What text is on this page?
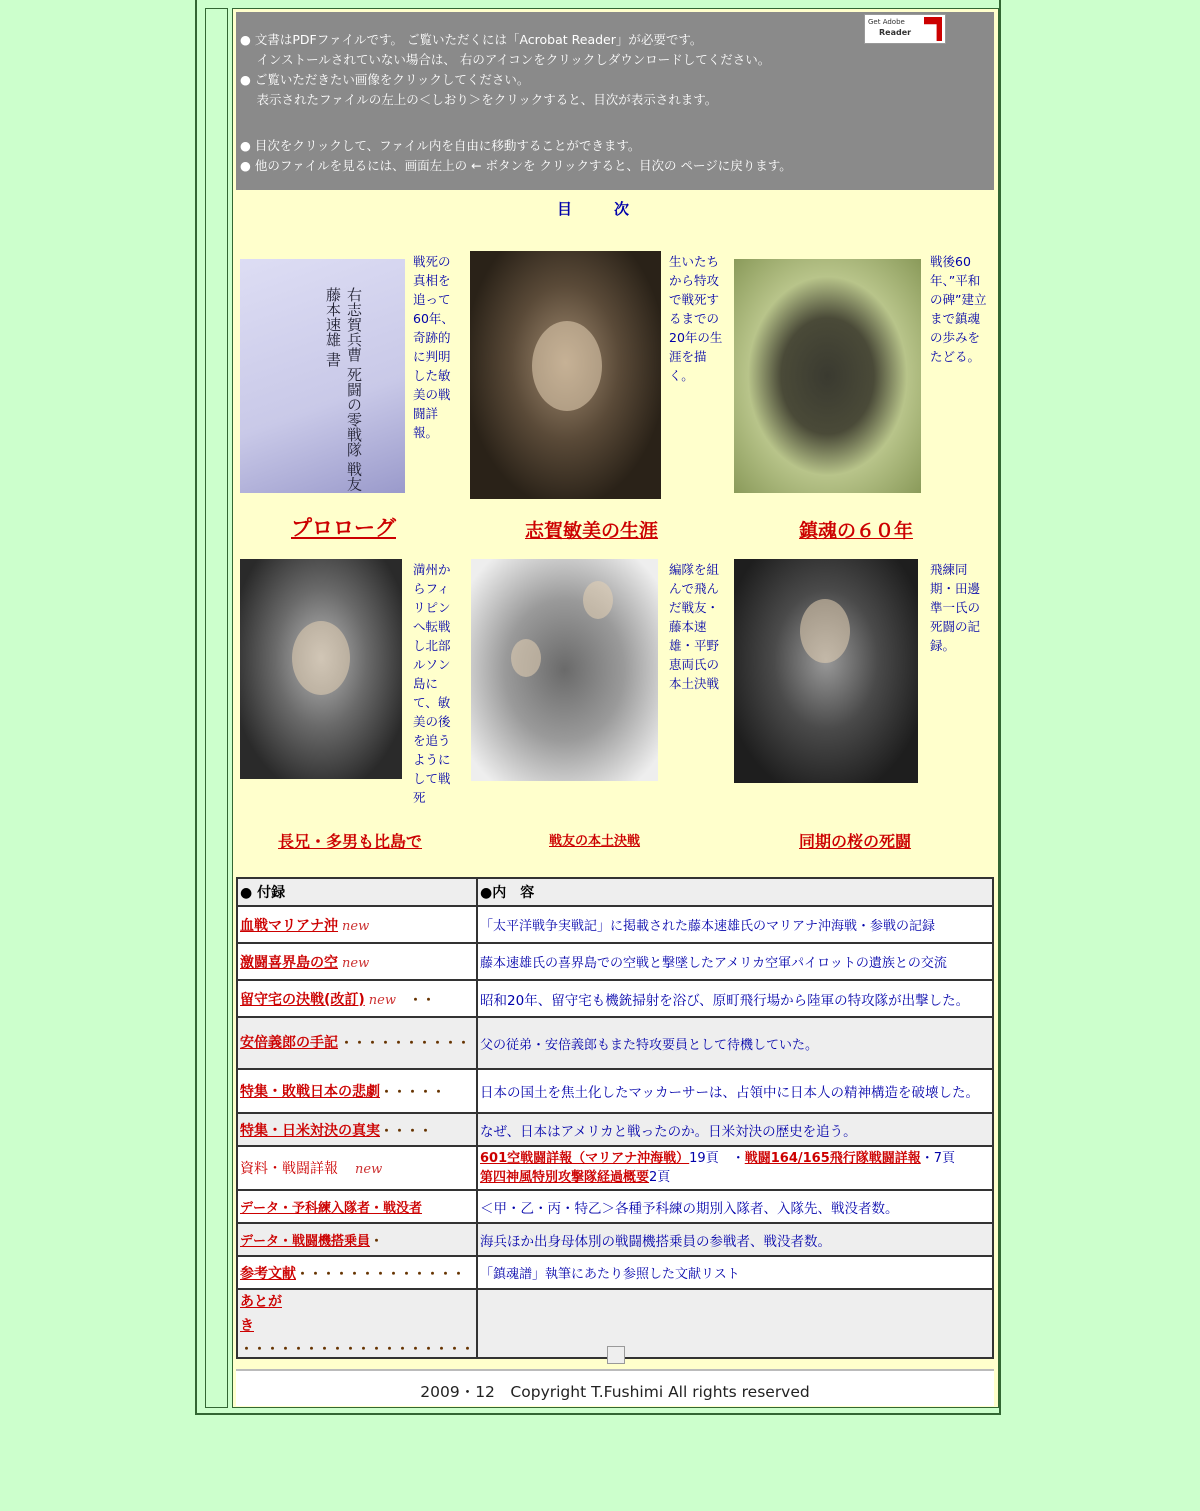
● 文書はPDFファイルです。 ご覧いただくには「Acrobat Reader」が必要です。

　 インストールされていない場合は、 右のアイコンをクリックしダウンロードしてください。

● ご覧いただきたい画像をクリックしてください。

　 表示されたファイルの左上の＜しおり＞をクリックすると、目次が表示されます。

● 目次をクリックして、ファイル内を自由に移動することができます。

● 他のファイルを見るには、画面左上の ← ボタンを クリックすると、目次の ページに戻ります。

Get Adobe
Reader
目	次
右志賀兵曹 死闘の零戦隊 戦友 藤本速雄 書
戦死の真相を追って60年、奇跡的に判明した敏美の戦闘詳報。
プロローグ
生いたちから特攻で戦死するまでの20年の生涯を描く。
志賀敏美の生涯
戦後60年、”平和の碑”建立まで鎮魂の歩みをたどる。
鎮魂の６０年
満州からフィリピンへ転戦し北部ルソン島にて、敏美の後を追うようにして戦死
長兄・多男も比島で
編隊を組んで飛んだ戦友・藤本速雄・平野恵両氏の本土決戦
戦友の本土決戦
飛練同期・田邊準一氏の死闘の記録。
同期の桜の死闘
● 付録	●内　容
血戦マリアナ沖 new	「太平洋戦争実戦記」に掲載された藤本速雄氏のマリアナ沖海戦・参戦の記録
激闘喜界島の空 new	藤本速雄氏の喜界島での空戦と撃墜したアメリカ空軍パイロットの遺族との交流
留守宅の決戦(改訂) new　 ・・	昭和20年、留守宅も機銃掃射を浴び、原町飛行場から陸軍の特攻隊が出撃した。
安倍義郎の手記 ・・・・・・・・・・	父の従弟・安倍義郎もまた特攻要員として待機していた。
特集・敗戦日本の悲劇・・・・・	日本の国土を焦土化したマッカーサーは、占領中に日本人の精神構造を破壊した。
特集・日米対決の真実・・・・	なぜ、日本はアメリカと戦ったのか。日米対決の歴史を追う。
資料・戦闘詳報　 new	601空戦闘詳報（マリアナ沖海戦）19頁　 ・戦闘164/165飛行隊戦闘詳報・7頁
第四神風特別攻撃隊経過概要2頁
データ・予科練入隊者・戦没者	＜甲・乙・丙・特乙＞各種予科練の期別入隊者、入隊先、戦没者数。
データ・戦闘機搭乗員・	海兵ほか出身母体別の戦闘機搭乗員の参戦者、戦没者数。
参考文献・・・・・・・・・・・・・	「鎮魂譜」執筆にあたり参照した文献リスト
あとがき・・・・・・・・・・・・・・・・・・	
2009・12　Copyright T.Fushimi All rights reserved
